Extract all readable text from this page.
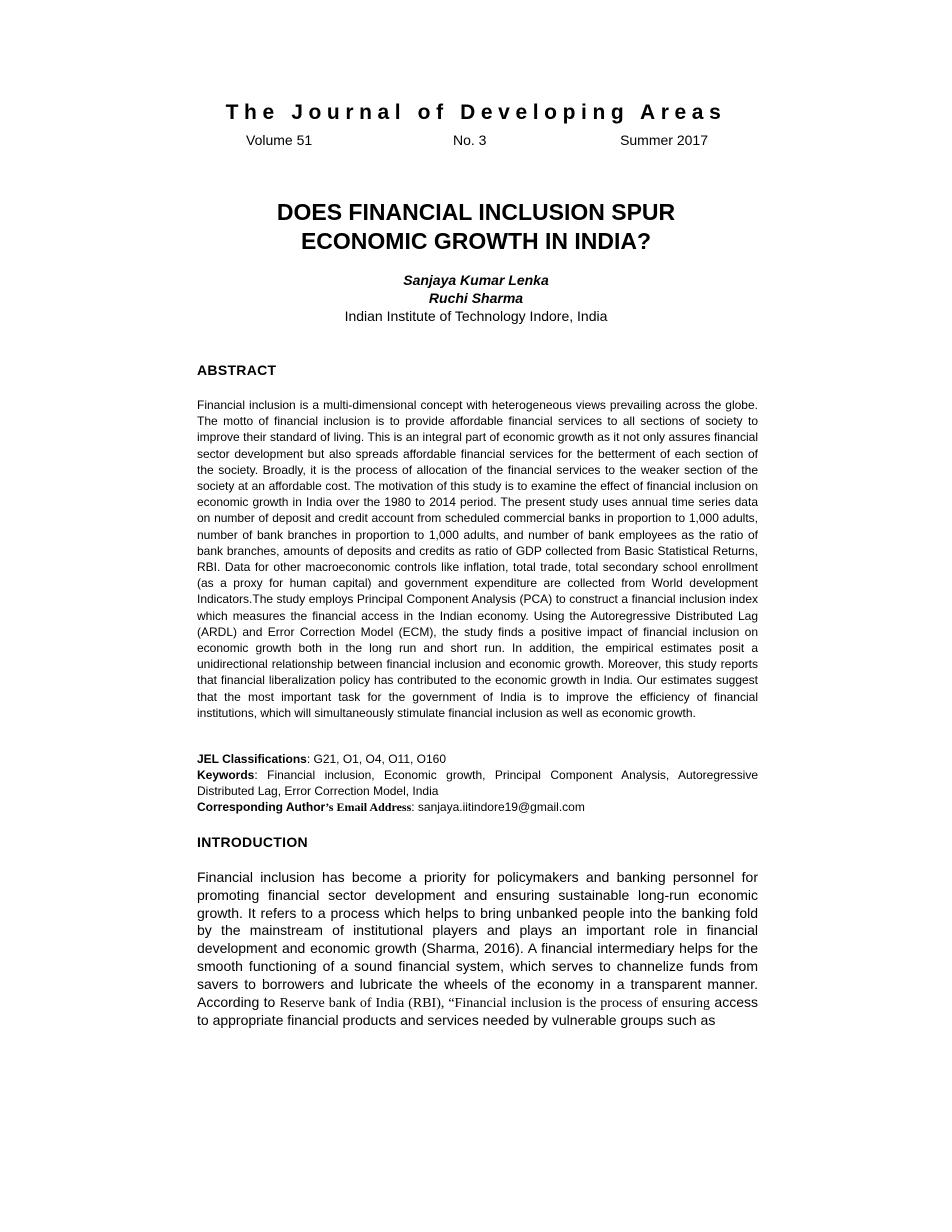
The Journal of Developing Areas
Volume 51	No. 3	Summer 2017
DOES FINANCIAL INCLUSION SPUR
ECONOMIC GROWTH IN INDIA?
Sanjaya Kumar Lenka
Ruchi Sharma
Indian Institute of Technology Indore, India
ABSTRACT

Financial inclusion is a multi-dimensional concept with heterogeneous views prevailing across the globe. The motto of financial inclusion is to provide affordable financial services to all sections of society to improve their standard of living. This is an integral part of economic growth as it not only assures financial sector development but also spreads affordable financial services for the betterment of each section of the society. Broadly, it is the process of allocation of the financial services to the weaker section of the society at an affordable cost. The motivation of this study is to examine the effect of financial inclusion on economic growth in India over the 1980 to 2014 period. The present study uses annual time series data on number of deposit and credit account from scheduled commercial banks in proportion to 1,000 adults, number of bank branches in proportion to 1,000 adults, and number of bank employees as the ratio of bank branches, amounts of deposits and credits as ratio of GDP collected from Basic Statistical Returns, RBI. Data for other macroeconomic controls like inflation, total trade, total secondary school enrollment (as a proxy for human capital) and government expenditure are collected from World development Indicators.The study employs Principal Component Analysis (PCA) to construct a financial inclusion index which measures the financial access in the Indian economy. Using the Autoregressive Distributed Lag (ARDL) and Error Correction Model (ECM), the study finds a positive impact of financial inclusion on economic growth both in the long run and short run. In addition, the empirical estimates posit a unidirectional relationship between financial inclusion and economic growth. Moreover, this study reports that financial liberalization policy has contributed to the economic growth in India. Our estimates suggest that the most important task for the government of India is to improve the efficiency of financial institutions, which will simultaneously stimulate financial inclusion as well as economic growth.

JEL Classifications: G21, O1, O4, O11, O160

Keywords: Financial inclusion, Economic growth, Principal Component Analysis, Autoregressive Distributed Lag, Error Correction Model, India

Corresponding Author’s Email Address: sanjaya.iitindore19@gmail.com

INTRODUCTION

Financial inclusion has become a priority for policymakers and banking personnel for promoting financial sector development and ensuring sustainable long-run economic growth. It refers to a process which helps to bring unbanked people into the banking fold by the mainstream of institutional players and plays an important role in financial development and economic growth (Sharma, 2016). A financial intermediary helps for the smooth functioning of a sound financial system, which serves to channelize funds from savers to borrowers and lubricate the wheels of the economy in a transparent manner. According to Reserve bank of India (RBI), “Financial inclusion is the process of ensuring access to appropriate financial products and services needed by vulnerable groups such as
